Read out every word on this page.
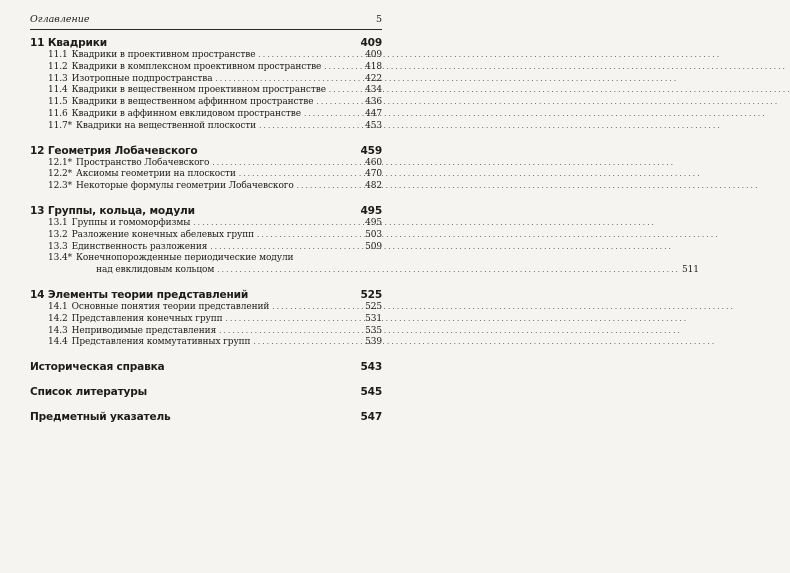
Оглавление	5
11 Квадрики	409
11.1 Квадрики в проективном пространстве . . .	409
11.2 Квадрики в комплексном проективном пространстве . . .	418
11.3 Изотропные подпространства . . .	422
11.4 Квадрики в вещественном проективном пространстве . . .	434
11.5 Квадрики в вещественном аффинном пространстве . . .	436
11.6 Квадрики в аффинном евклидовом пространстве . . .	447
11.7* Квадрики на вещественной плоскости . . .	453
12 Геометрия Лобачевского	459
12.1* Пространство Лобачевского . . .	460
12.2* Аксиомы геометрии на плоскости . . .	470
12.3* Некоторые формулы геометрии Лобачевского . . .	482
13 Группы, кольца, модули	495
13.1 Группы и гомоморфизмы . . .	495
13.2 Разложение конечных абелевых групп . . .	503
13.3 Единственность разложения . . .	509
13.4* Конечнопорожденные периодические модули
над евклидовым кольцом . . .	511
14 Элементы теории представлений	525
14.1 Основные понятия теории представлений . . .	525
14.2 Представления конечных групп . . .	531
14.3 Неприводимые представления . . .	535
14.4 Представления коммутативных групп . . .	539
Историческая справка	543
Список литературы	545
Предметный указатель	547
